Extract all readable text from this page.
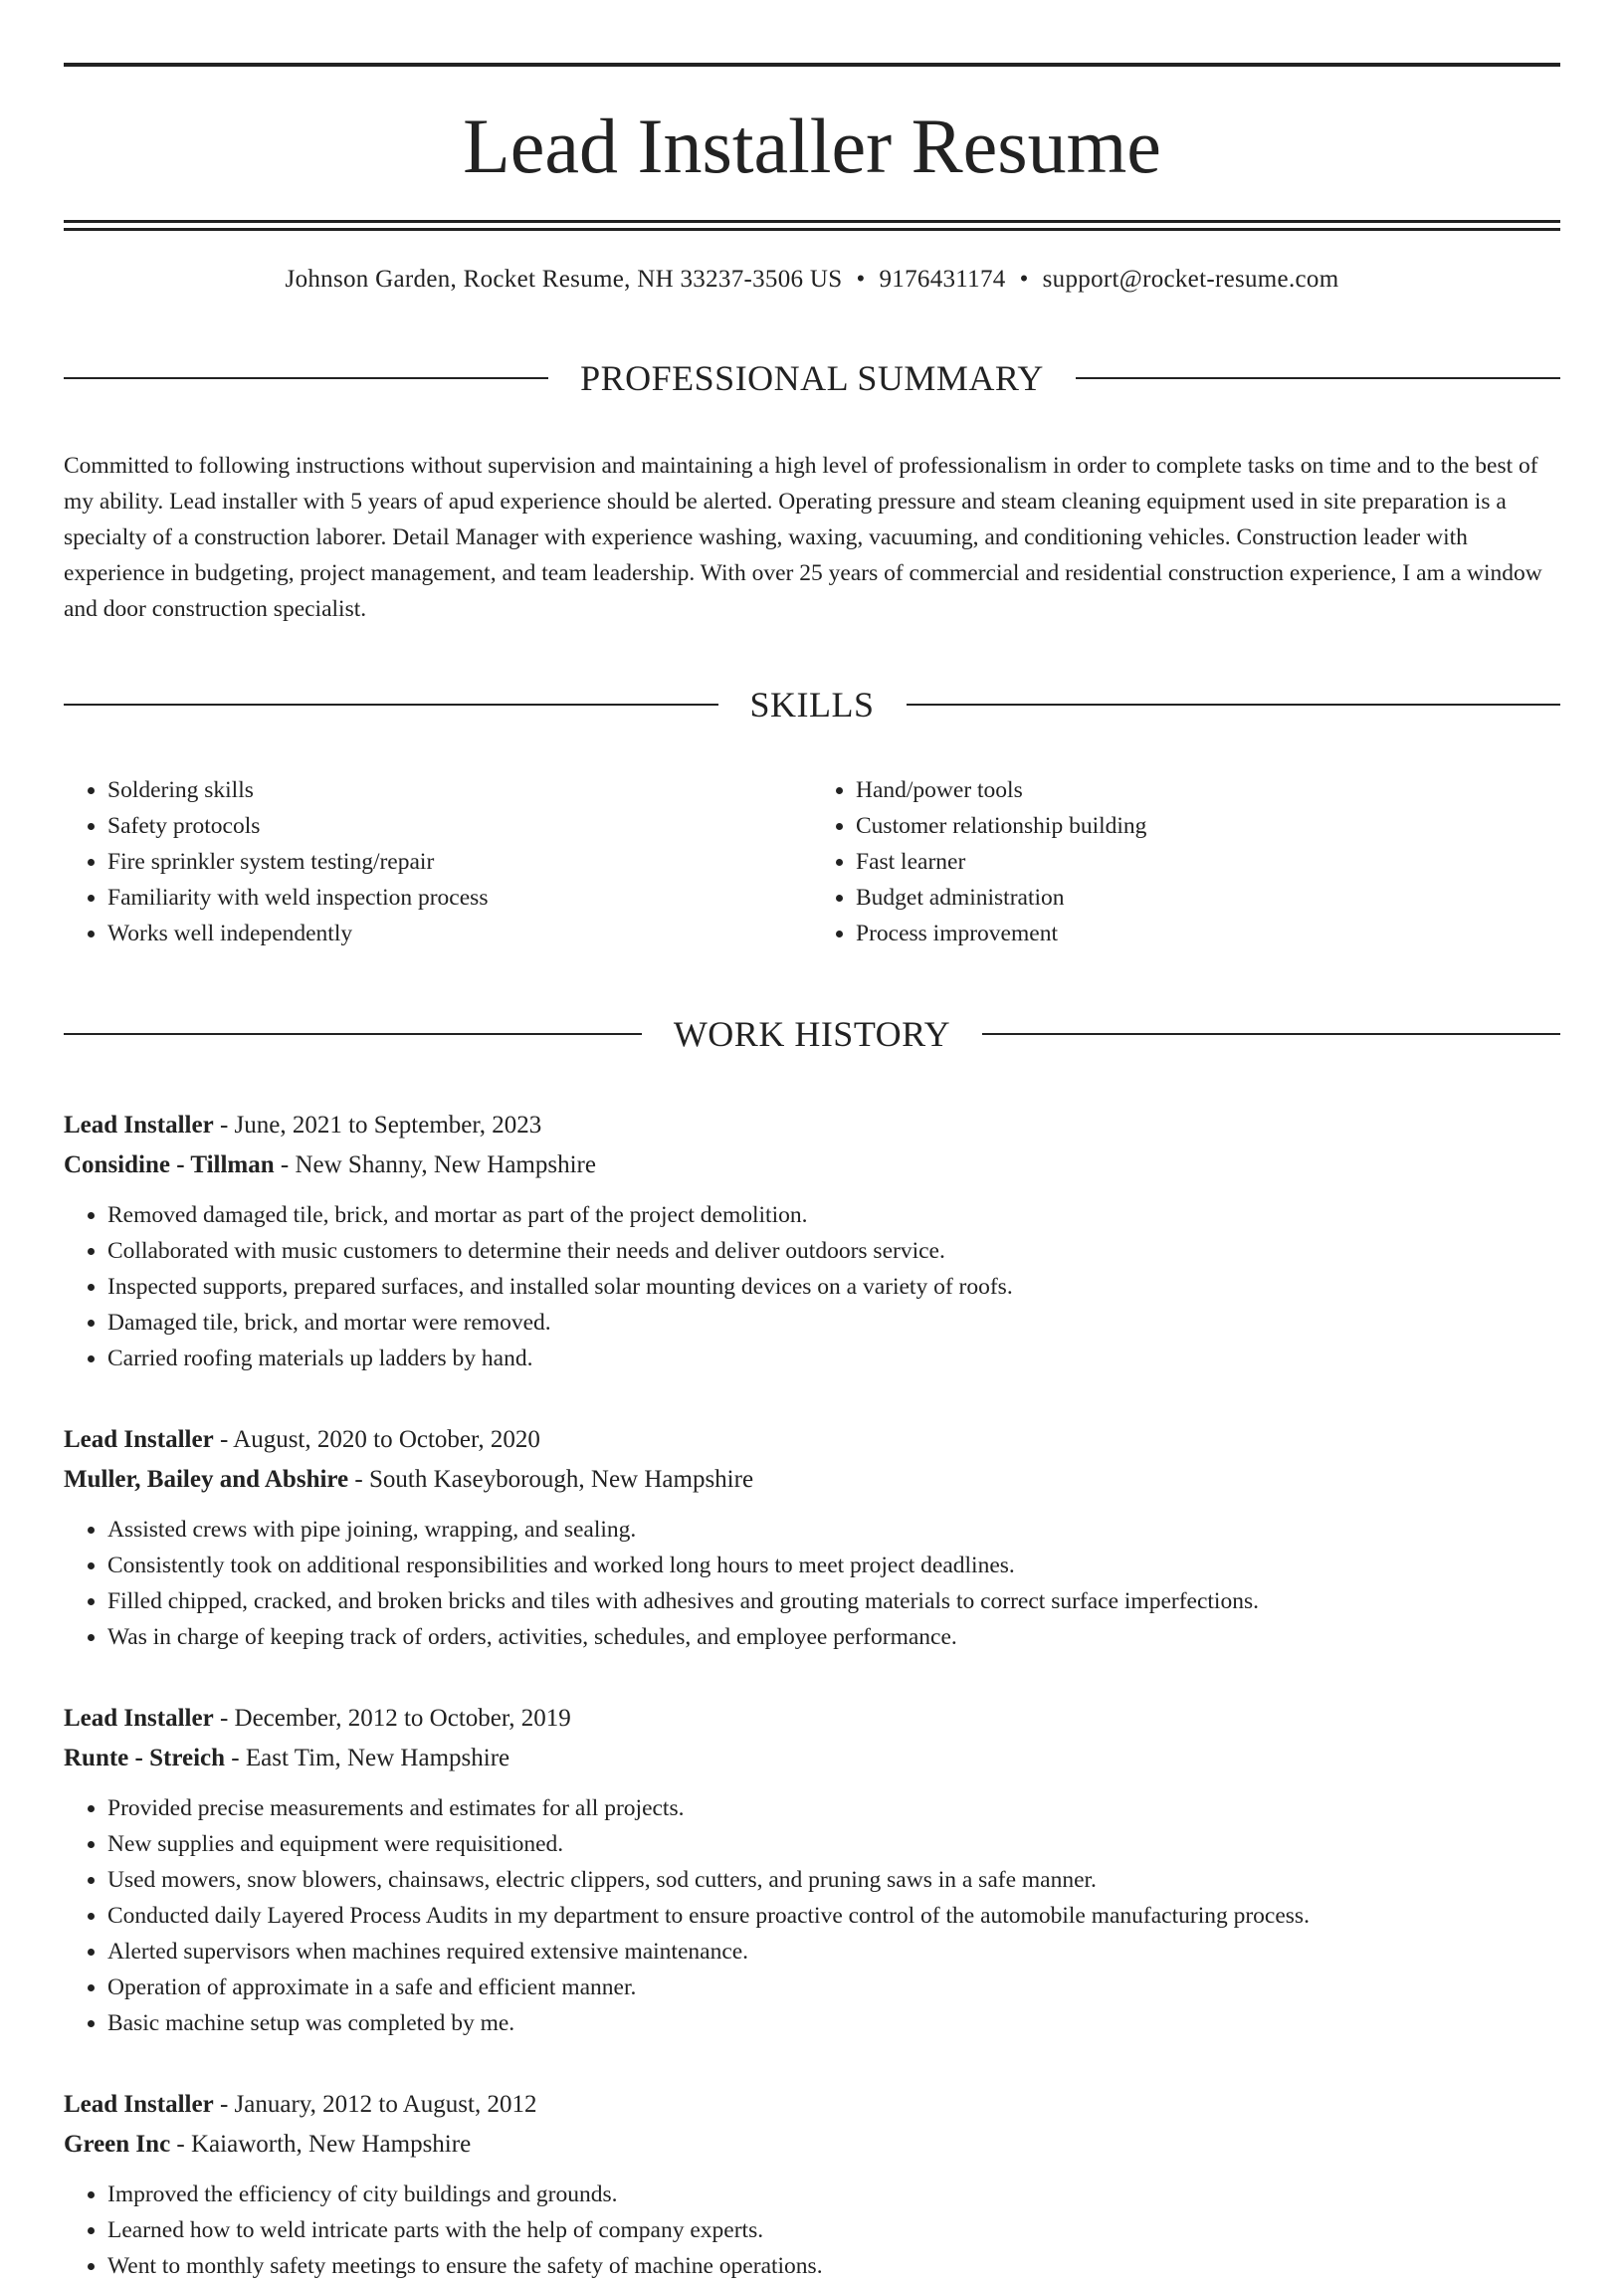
Lead Installer Resume
Johnson Garden, Rocket Resume, NH 33237-3506 US • 9176431174 • support@rocket-resume.com
PROFESSIONAL SUMMARY

Committed to following instructions without supervision and maintaining a high level of professionalism in order to complete tasks on time and to the best of my ability. Lead installer with 5 years of apud experience should be alerted. Operating pressure and steam cleaning equipment used in site preparation is a specialty of a construction laborer. Detail Manager with experience washing, waxing, vacuuming, and conditioning vehicles. Construction leader with experience in budgeting, project management, and team leadership. With over 25 years of commercial and residential construction experience, I am a window and door construction specialist.

SKILLS
• Soldering skills
• Safety protocols
• Fire sprinkler system testing/repair
• Familiarity with weld inspection process
• Works well independently
• Hand/power tools
• Customer relationship building
• Fast learner
• Budget administration
• Process improvement
WORK HISTORY
Lead Installer - June, 2021 to September, 2023
Considine - Tillman - New Shanny, New Hampshire
• Removed damaged tile, brick, and mortar as part of the project demolition.
• Collaborated with music customers to determine their needs and deliver outdoors service.
• Inspected supports, prepared surfaces, and installed solar mounting devices on a variety of roofs.
• Damaged tile, brick, and mortar were removed.
• Carried roofing materials up ladders by hand.
Lead Installer - August, 2020 to October, 2020
Muller, Bailey and Abshire - South Kaseyborough, New Hampshire
• Assisted crews with pipe joining, wrapping, and sealing.
• Consistently took on additional responsibilities and worked long hours to meet project deadlines.
• Filled chipped, cracked, and broken bricks and tiles with adhesives and grouting materials to correct surface imperfections.
• Was in charge of keeping track of orders, activities, schedules, and employee performance.
Lead Installer - December, 2012 to October, 2019
Runte - Streich - East Tim, New Hampshire
• Provided precise measurements and estimates for all projects.
• New supplies and equipment were requisitioned.
• Used mowers, snow blowers, chainsaws, electric clippers, sod cutters, and pruning saws in a safe manner.
• Conducted daily Layered Process Audits in my department to ensure proactive control of the automobile manufacturing process.
• Alerted supervisors when machines required extensive maintenance.
• Operation of approximate in a safe and efficient manner.
• Basic machine setup was completed by me.
Lead Installer - January, 2012 to August, 2012
Green Inc - Kaiaworth, New Hampshire
• Improved the efficiency of city buildings and grounds.
• Learned how to weld intricate parts with the help of company experts.
• Went to monthly safety meetings to ensure the safety of machine operations.
